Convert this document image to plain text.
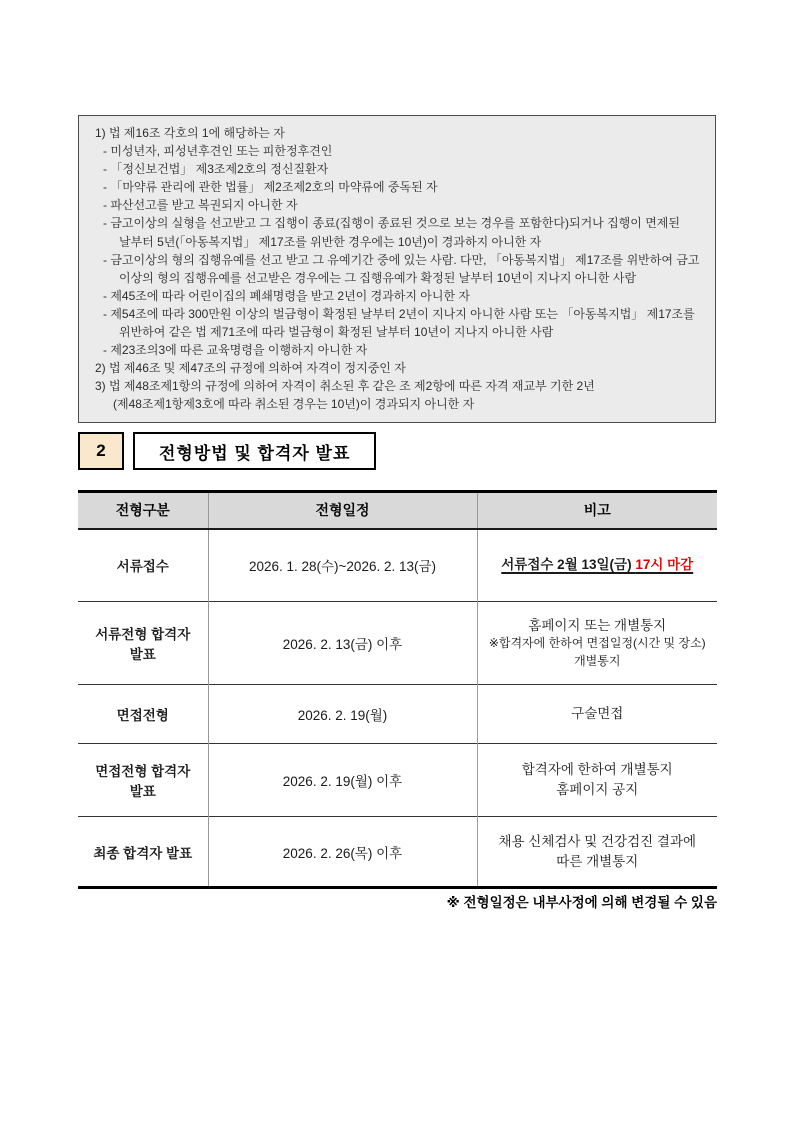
1) 법 제16조 각호의 1에 해당하는 자
- 미성년자, 피성년후견인 또는 피한정후견인
- 「정신보건법」 제3조제2호의 정신질환자
- 「마약류 관리에 관한 법률」 제2조제2호의 마약류에 중독된 자
- 파산선고를 받고 복권되지 아니한 자
- 금고이상의 실형을 선고받고 그 집행이 종료(집행이 종료된 것으로 보는 경우를 포함한다)되거나 집행이 면제된 날부터 5년(「아동복지법」 제17조를 위반한 경우에는 10년)이 경과하지 아니한 자
- 금고이상의 형의 집행유예를 선고 받고 그 유예기간 중에 있는 사람. 다만, 「아동복지법」 제17조를 위반하여 금고 이상의 형의 집행유예를 선고받은 경우에는 그 집행유예가 확정된 날부터 10년이 지나지 아니한 사람
- 제45조에 따라 어린이집의 폐쇄명령을 받고 2년이 경과하지 아니한 자
- 제54조에 따라 300만원 이상의 벌금형이 확정된 날부터 2년이 지나지 아니한 사람 또는 「아동복지법」 제17조를 위반하여 같은 법 제71조에 따라 벌금형이 확정된 날부터 10년이 지나지 아니한 사람
- 제23조의3에 따른 교육명령을 이행하지 아니한 자
2) 법 제46조 및 제47조의 규정에 의하여 자격이 정지중인 자
3) 법 제48조제1항의 규정에 의하여 자격이 취소된 후 같은 조 제2항에 따른 자격 재교부 기한 2년(제48조제1항제3호에 따라 취소된 경우는 10년)이 경과되지 아니한 자
2	전형방법 및 합격자 발표
전형구분	전형일정	비고
서류접수	2026. 1. 28(수)~2026. 2. 13(금)	서류접수 2월 13일(금) 17시 마감

서류전형 합격자 발표	2026. 2. 13(금) 이후	홈페이지 또는 개별통지
※합격자에 한하여 면접일정(시간 및 장소)
개별통지

면접전형	2026. 2. 19(월)	구술면접

면접전형 합격자 발표	2026. 2. 19(월) 이후	합격자에 한하여 개별통지
홈페이지 공지

최종 합격자 발표	2026. 2. 26(목) 이후	채용 신체검사 및 건강검진 결과에
따른 개별통지
※ 전형일정은 내부사정에 의해 변경될 수 있음
